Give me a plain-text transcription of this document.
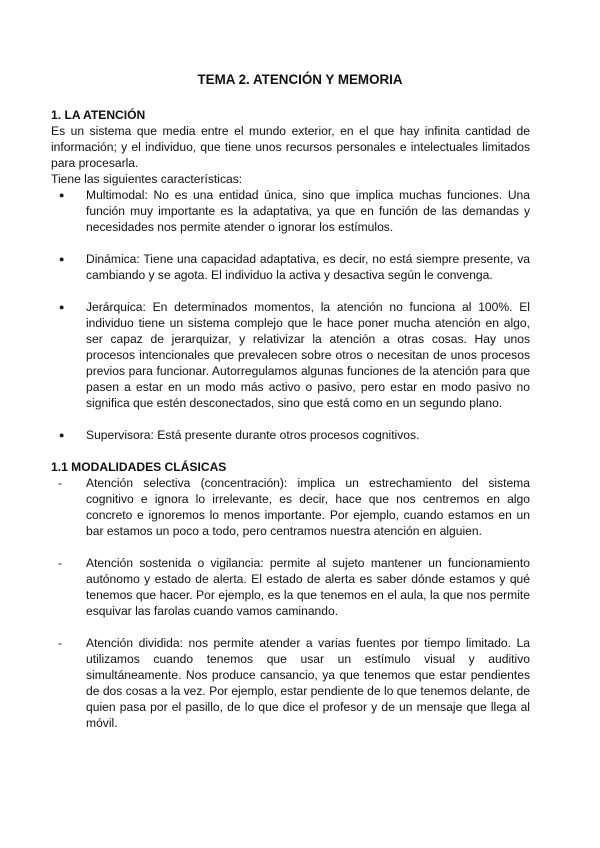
TEMA 2. ATENCIÓN Y MEMORIA
1. LA ATENCIÓN
Es un sistema que media entre el mundo exterior, en el que hay infinita cantidad de información; y el individuo, que tiene unos recursos personales e intelectuales limitados para procesarla.
Tiene las siguientes características:
● Multimodal: No es una entidad única, sino que implica muchas funciones. Una función muy importante es la adaptativa, ya que en función de las demandas y necesidades nos permite atender o ignorar los estímulos.
● Dinámica: Tiene una capacidad adaptativa, es decir, no está siempre presente, va cambiando y se agota. El individuo la activa y desactiva según le convenga.
● Jerárquica: En determinados momentos, la atención no funciona al 100%. El individuo tiene un sistema complejo que le hace poner mucha atención en algo, ser capaz de jerarquizar, y relativizar la atención a otras cosas. Hay unos procesos intencionales que prevalecen sobre otros o necesitan de unos procesos previos para funcionar. Autorregulamos algunas funciones de la atención para que pasen a estar en un modo más activo o pasivo, pero estar en modo pasivo no significa que estén desconectados, sino que está como en un segundo plano.
● Supervisora: Está presente durante otros procesos cognitivos.
1.1 MODALIDADES CLÁSICAS
- Atención selectiva (concentración): implica un estrechamiento del sistema cognitivo e ignora lo irrelevante, es decir, hace que nos centremos en algo concreto e ignoremos lo menos importante. Por ejemplo, cuando estamos en un bar estamos un poco a todo, pero centramos nuestra atención en alguien.
- Atención sostenida o vigilancia: permite al sujeto mantener un funcionamiento autónomo y estado de alerta. El estado de alerta es saber dónde estamos y qué tenemos que hacer. Por ejemplo, es la que tenemos en el aula, la que nos permite esquivar las farolas cuando vamos caminando.
- Atención dividida: nos permite atender a varias fuentes por tiempo limitado. La utilizamos cuando tenemos que usar un estímulo visual y auditivo simultáneamente. Nos produce cansancio, ya que tenemos que estar pendientes de dos cosas a la vez. Por ejemplo, estar pendiente de lo que tenemos delante, de quien pasa por el pasillo, de lo que dice el profesor y de un mensaje que llega al móvil.
